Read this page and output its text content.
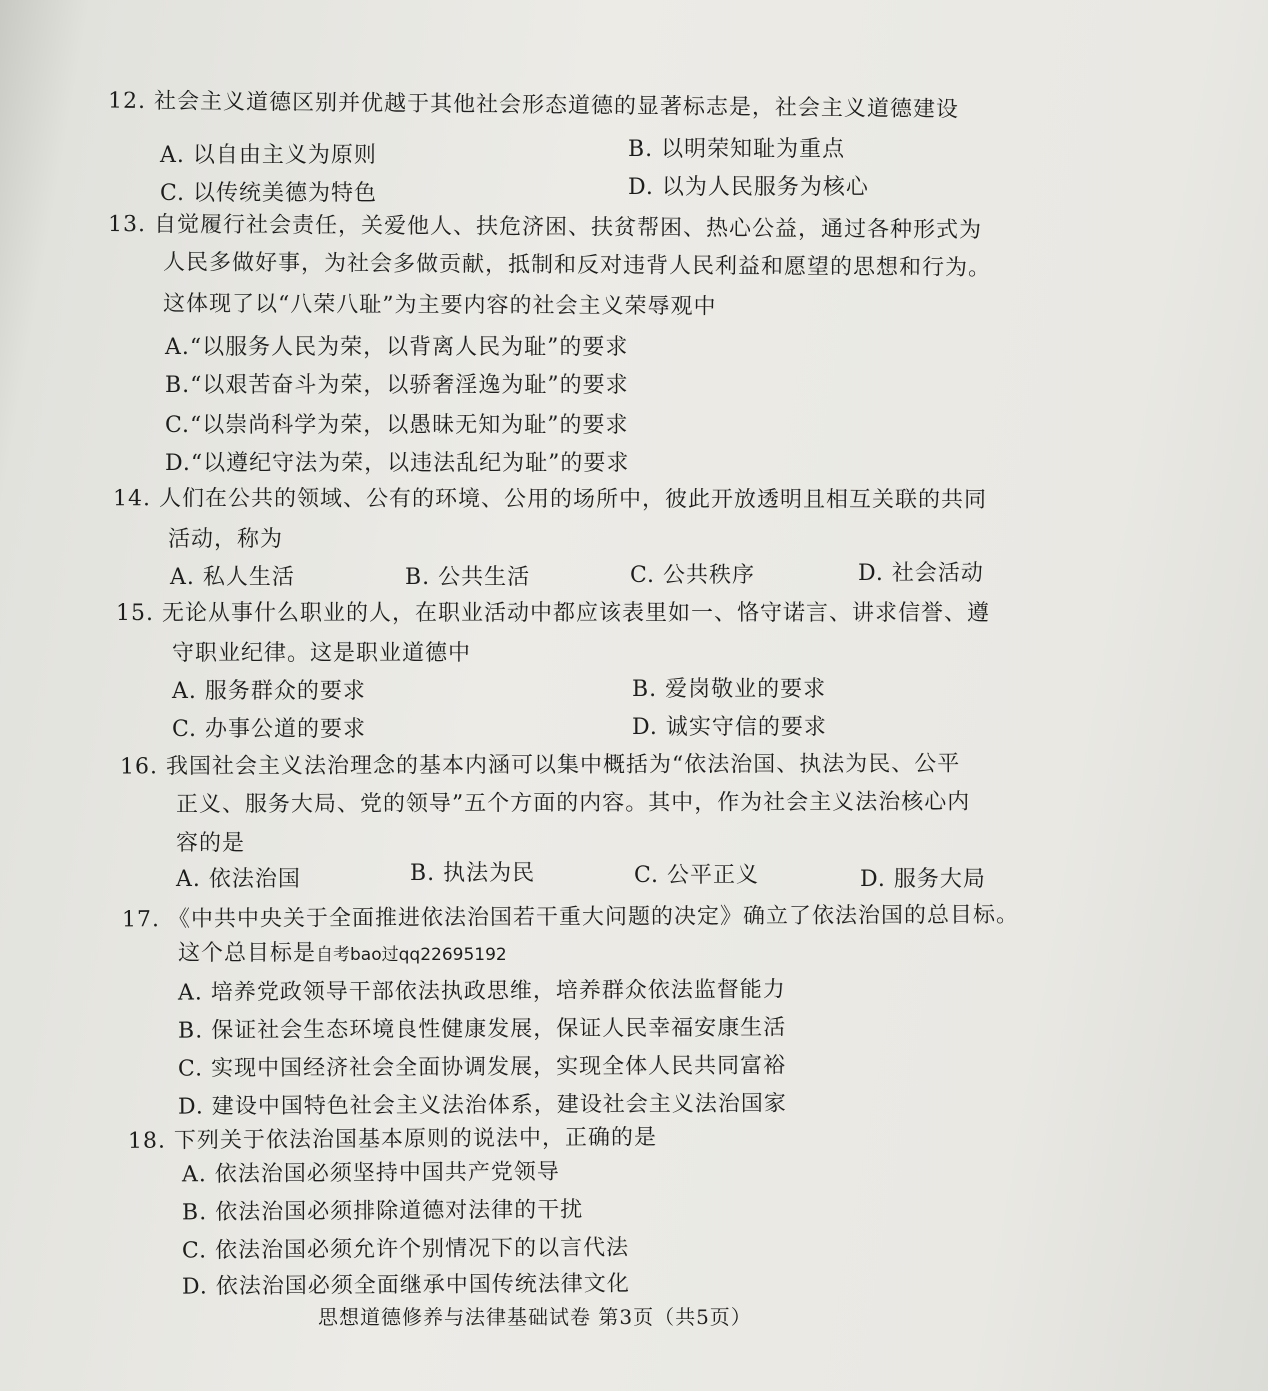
12. 社会主义道德区别并优越于其他社会形态道德的显著标志是，社会主义道德建设
A. 以自由主义为原则	B. 以明荣知耻为重点
C. 以传统美德为特色	D. 以为人民服务为核心
13. 自觉履行社会责任，关爱他人、扶危济困、扶贫帮困、热心公益，通过各种形式为
人民多做好事，为社会多做贡献，抵制和反对违背人民利益和愿望的思想和行为。
这体现了以“八荣八耻”为主要内容的社会主义荣辱观中
A.“以服务人民为荣，以背离人民为耻”的要求
B.“以艰苦奋斗为荣，以骄奢淫逸为耻”的要求
C.“以崇尚科学为荣，以愚昧无知为耻”的要求
D.“以遵纪守法为荣，以违法乱纪为耻”的要求
14. 人们在公共的领域、公有的环境、公用的场所中，彼此开放透明且相互关联的共同
活动，称为
A. 私人生活	B. 公共生活	C. 公共秩序	D. 社会活动
15. 无论从事什么职业的人，在职业活动中都应该表里如一、恪守诺言、讲求信誉、遵
守职业纪律。这是职业道德中
A. 服务群众的要求	B. 爱岗敬业的要求
C. 办事公道的要求	D. 诚实守信的要求
16. 我国社会主义法治理念的基本内涵可以集中概括为“依法治国、执法为民、公平
正义、服务大局、党的领导”五个方面的内容。其中，作为社会主义法治核心内
容的是
A. 依法治国	B. 执法为民	C. 公平正义	D. 服务大局
17. 《中共中央关于全面推进依法治国若干重大问题的决定》确立了依法治国的总目标。
这个总目标是自考bao过qq22695192
A. 培养党政领导干部依法执政思维，培养群众依法监督能力
B. 保证社会生态环境良性健康发展，保证人民幸福安康生活
C. 实现中国经济社会全面协调发展，实现全体人民共同富裕
D. 建设中国特色社会主义法治体系，建设社会主义法治国家
18. 下列关于依法治国基本原则的说法中，正确的是
A. 依法治国必须坚持中国共产党领导
B. 依法治国必须排除道德对法律的干扰
C. 依法治国必须允许个别情况下的以言代法
D. 依法治国必须全面继承中国传统法律文化
思想道德修养与法律基础试卷 第3页（共5页）
